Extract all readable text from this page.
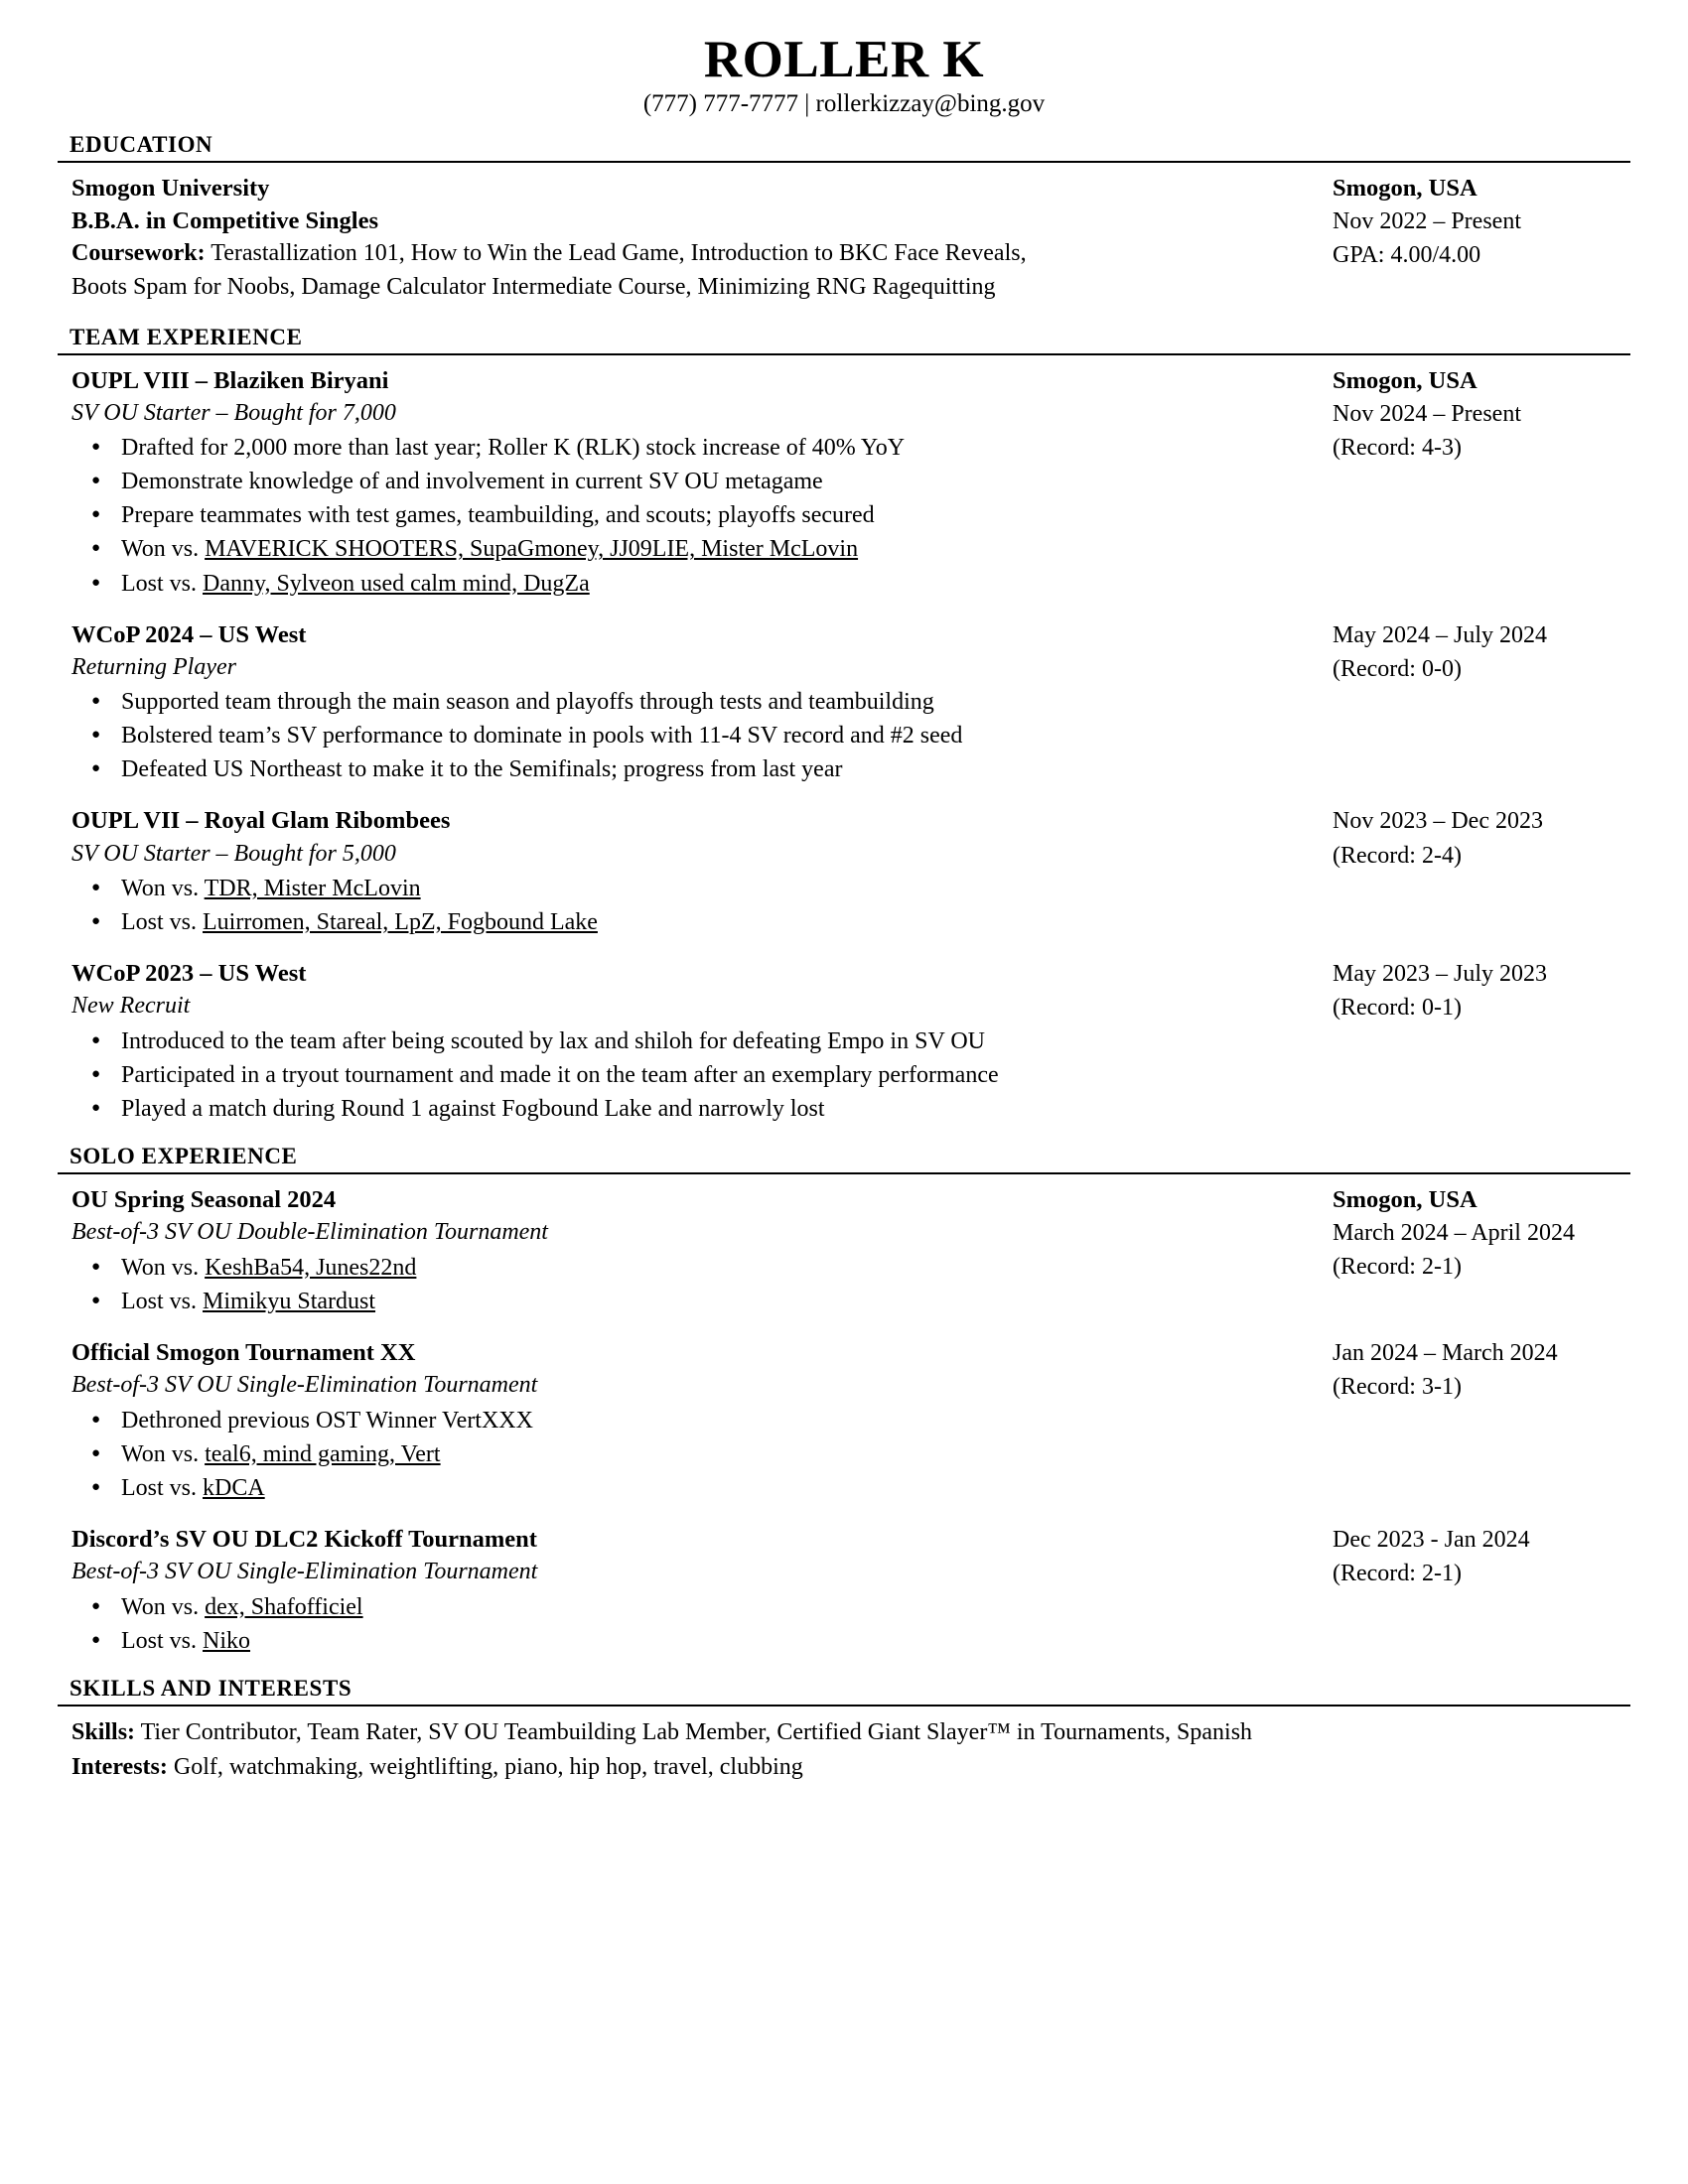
ROLLER K
(777) 777-7777 | rollerkizzay@bing.gov
EDUCATION
Smogon University
B.B.A. in Competitive Singles
Coursework: Terastallization 101, How to Win the Lead Game, Introduction to BKC Face Reveals,
Boots Spam for Noobs, Damage Calculator Intermediate Course, Minimizing RNG Ragequitting
Smogon, USA
Nov 2022 – Present
GPA: 4.00/4.00
TEAM EXPERIENCE
OUPL VIII – Blaziken Biryani
SV OU Starter – Bought for 7,000
● Drafted for 2,000 more than last year; Roller K (RLK) stock increase of 40% YoY
● Demonstrate knowledge of and involvement in current SV OU metagame
● Prepare teammates with test games, teambuilding, and scouts; playoffs secured
● Won vs. MAVERICK SHOOTERS, SupaGmoney, JJ09LIE, Mister McLovin
● Lost vs. Danny, Sylveon used calm mind, DugZa
Smogon, USA
Nov 2024 – Present
(Record: 4-3)
WCoP 2024 – US West
Returning Player
● Supported team through the main season and playoffs through tests and teambuilding
● Bolstered team’s SV performance to dominate in pools with 11-4 SV record and #2 seed
● Defeated US Northeast to make it to the Semifinals; progress from last year
May 2024 – July 2024
(Record: 0-0)
OUPL VII – Royal Glam Ribombees
SV OU Starter – Bought for 5,000
● Won vs. TDR, Mister McLovin
● Lost vs. Luirromen, Stareal, LpZ, Fogbound Lake
Nov 2023 – Dec 2023
(Record: 2-4)
WCoP 2023 – US West
New Recruit
● Introduced to the team after being scouted by lax and shiloh for defeating Empo in SV OU
● Participated in a tryout tournament and made it on the team after an exemplary performance
● Played a match during Round 1 against Fogbound Lake and narrowly lost
May 2023 – July 2023
(Record: 0-1)
SOLO EXPERIENCE
OU Spring Seasonal 2024
Best-of-3 SV OU Double-Elimination Tournament
● Won vs. KeshBa54, Junes22nd
● Lost vs. Mimikyu Stardust
Smogon, USA
March 2024 – April 2024
(Record: 2-1)
Official Smogon Tournament XX
Best-of-3 SV OU Single-Elimination Tournament
● Dethroned previous OST Winner VertXXX
● Won vs. teal6, mind gaming, Vert
● Lost vs. kDCA
Jan 2024 – March 2024
(Record: 3-1)
Discord’s SV OU DLC2 Kickoff Tournament
Best-of-3 SV OU Single-Elimination Tournament
● Won vs. dex, Shafofficiel
● Lost vs. Niko
Dec 2023 - Jan 2024
(Record: 2-1)
SKILLS AND INTERESTS
Skills: Tier Contributor, Team Rater, SV OU Teambuilding Lab Member, Certified Giant Slayer™ in Tournaments, Spanish
Interests: Golf, watchmaking, weightlifting, piano, hip hop, travel, clubbing
